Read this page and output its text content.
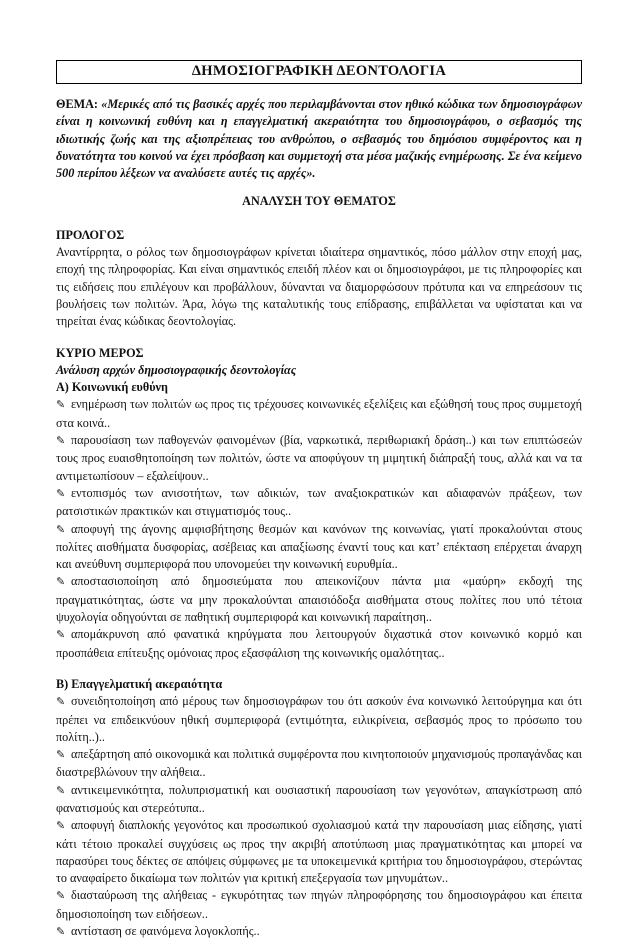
ΔΗΜΟΣΙΟΓΡΑΦΙΚΗ ΔΕΟΝΤΟΛΟΓΙΑ

ΘΕΜΑ: «Μερικές από τις βασικές αρχές που περιλαμβάνονται στον ηθικό κώδικα των δημοσιογράφων είναι η κοινωνική ευθύνη και η επαγγελματική ακεραιότητα του δημοσιογράφου, ο σεβασμός της ιδιωτικής ζωής και της αξιοπρέπειας του ανθρώπου, ο σεβασμός του δημόσιου συμφέροντος και η δυνατότητα του κοινού να έχει πρόσβαση και συμμετοχή στα μέσα μαζικής ενημέρωσης. Σε ένα κείμενο 500 περίπου λέξεων να αναλύσετε αυτές τις αρχές».

ΑΝΑΛΥΣΗ ΤΟΥ ΘΕΜΑΤΟΣ
ΠΡΟΛΟΓΟΣ

Αναντίρρητα, ο ρόλος των δημοσιογράφων κρίνεται ιδιαίτερα σημαντικός, πόσο μάλλον στην εποχή μας, εποχή της πληροφορίας. Και είναι σημαντικός επειδή πλέον και οι δημοσιογράφοι, με τις πληροφορίες και τις ειδήσεις που επιλέγουν και προβάλλουν, δύνανται να διαμορφώσουν πρότυπα και να επηρεάσουν τις βουλήσεις των πολιτών. Άρα, λόγω της καταλυτικής τους επίδρασης, επιβάλλεται να υφίσταται και να τηρείται ένας κώδικας δεοντολογίας.

ΚΥΡΙΟ ΜΕΡΟΣ
Ανάλυση αρχών δημοσιογραφικής δεοντολογίας
Α) Κοινωνική ευθύνη

✎ ενημέρωση των πολιτών ως προς τις τρέχουσες κοινωνικές εξελίξεις και εξώθησή τους προς συμμετοχή στα κοινά..

✎ παρουσίαση των παθογενών φαινομένων (βία, ναρκωτικά, περιθωριακή δράση..) και των επιπτώσεών τους προς ευαισθητοποίηση των πολιτών, ώστε να αποφύγουν τη μιμητική διάπραξή τους, αλλά και να τα αντιμετωπίσουν – εξαλείψουν..

✎ εντοπισμός των ανισοτήτων, των αδικιών, των αναξιοκρατικών και αδιαφανών πράξεων, των ρατσιστικών πρακτικών και στιγματισμός τους..

✎ αποφυγή της άγονης αμφισβήτησης θεσμών και κανόνων της κοινωνίας, γιατί προκαλούνται στους πολίτες αισθήματα δυσφορίας, ασέβειας και απαξίωσης έναντί τους και κατ’ επέκταση επέρχεται άναρχη και ανεύθυνη συμπεριφορά που υπονομεύει την κοινωνική ευρυθμία..

✎ αποστασιοποίηση από δημοσιεύματα που απεικονίζουν πάντα μια «μαύρη» εκδοχή της πραγματικότητας, ώστε να μην προκαλούνται απαισιόδοξα αισθήματα στους πολίτες που υπό τέτοια ψυχολογία οδηγούνται σε παθητική συμπεριφορά και κοινωνική παραίτηση..

✎ απομάκρυνση από φανατικά κηρύγματα που λειτουργούν διχαστικά στον κοινωνικό κορμό και προσπάθεια επίτευξης ομόνοιας προς εξασφάλιση της κοινωνικής ομαλότητας..

Β) Επαγγελματική ακεραιότητα

✎ συνειδητοποίηση από μέρους των δημοσιογράφων του ότι ασκούν ένα κοινωνικό λειτούργημα και ότι πρέπει να επιδεικνύουν ηθική συμπεριφορά (εντιμότητα, ειλικρίνεια, σεβασμός προς το πρόσωπο του πολίτη..)..

✎ απεξάρτηση από οικονομικά και πολιτικά συμφέροντα που κινητοποιούν μηχανισμούς προπαγάνδας και διαστρεβλώνουν την αλήθεια..

✎ αντικειμενικότητα, πολυπρισματική και ουσιαστική παρουσίαση των γεγονότων, απαγκίστρωση από φανατισμούς και στερεότυπα..

✎ αποφυγή διαπλοκής γεγονότος και προσωπικού σχολιασμού κατά την παρουσίαση μιας είδησης, γιατί κάτι τέτοιο προκαλεί συγχύσεις ως προς την ακριβή αποτύπωση μιας πραγματικότητας και μπορεί να παρασύρει τους δέκτες σε απόψεις σύμφωνες με τα υποκειμενικά κριτήρια του δημοσιογράφου, στερώντας το αναφαίρετο δικαίωμα των πολιτών για κριτική επεξεργασία των μηνυμάτων..

✎ διασταύρωση της αλήθειας - εγκυρότητας των πηγών πληροφόρησης του δημοσιογράφου και έπειτα δημοσιοποίηση των ειδήσεων..

✎ αντίσταση σε φαινόμενα λογοκλοπής..
